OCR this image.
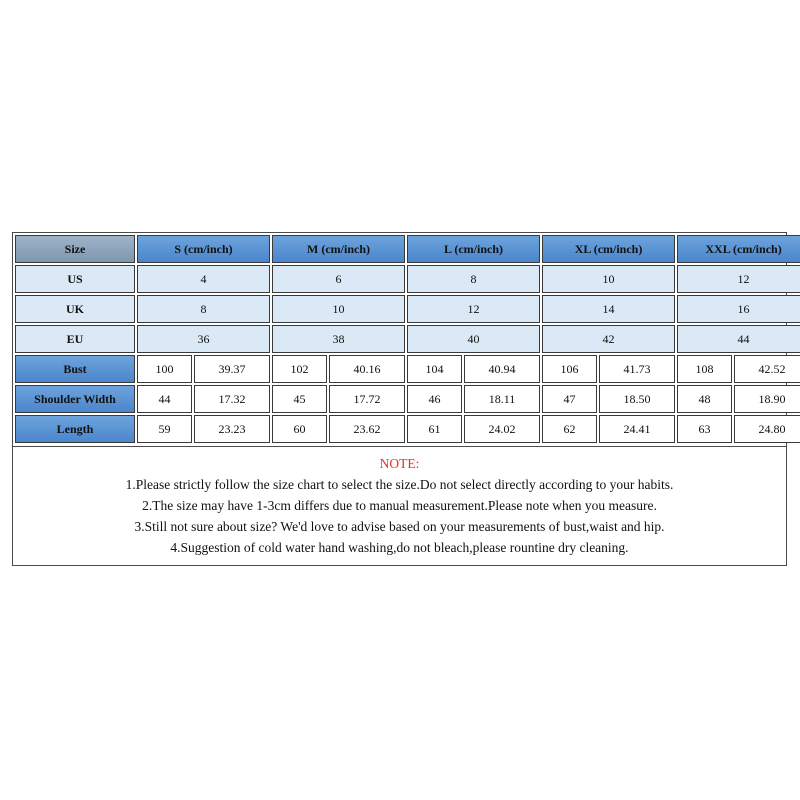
Size	S (cm/inch)		M (cm/inch)		L (cm/inch)		XL (cm/inch)		XXL (cm/inch)	
US	4		6		8		10		12	
UK	8		10		12		14		16	
EU	36		38		40		42		44	
Bust	100	39.37	102	40.16	104	40.94	106	41.73	108	42.52
Shoulder Width	44	17.32	45	17.72	46	18.11	47	18.50	48	18.90
Length	59	23.23	60	23.62	61	24.02	62	24.41	63	24.80
NOTE:
1.Please strictly follow the size chart to select the size.Do not select directly according to your habits.
2.The size may have 1-3cm differs due to manual measurement.Please note when you measure.
3.Still not sure about size? We'd love to advise based on your measurements of bust,waist and hip.
4.Suggestion of cold water hand washing,do not bleach,please rountine dry cleaning.
